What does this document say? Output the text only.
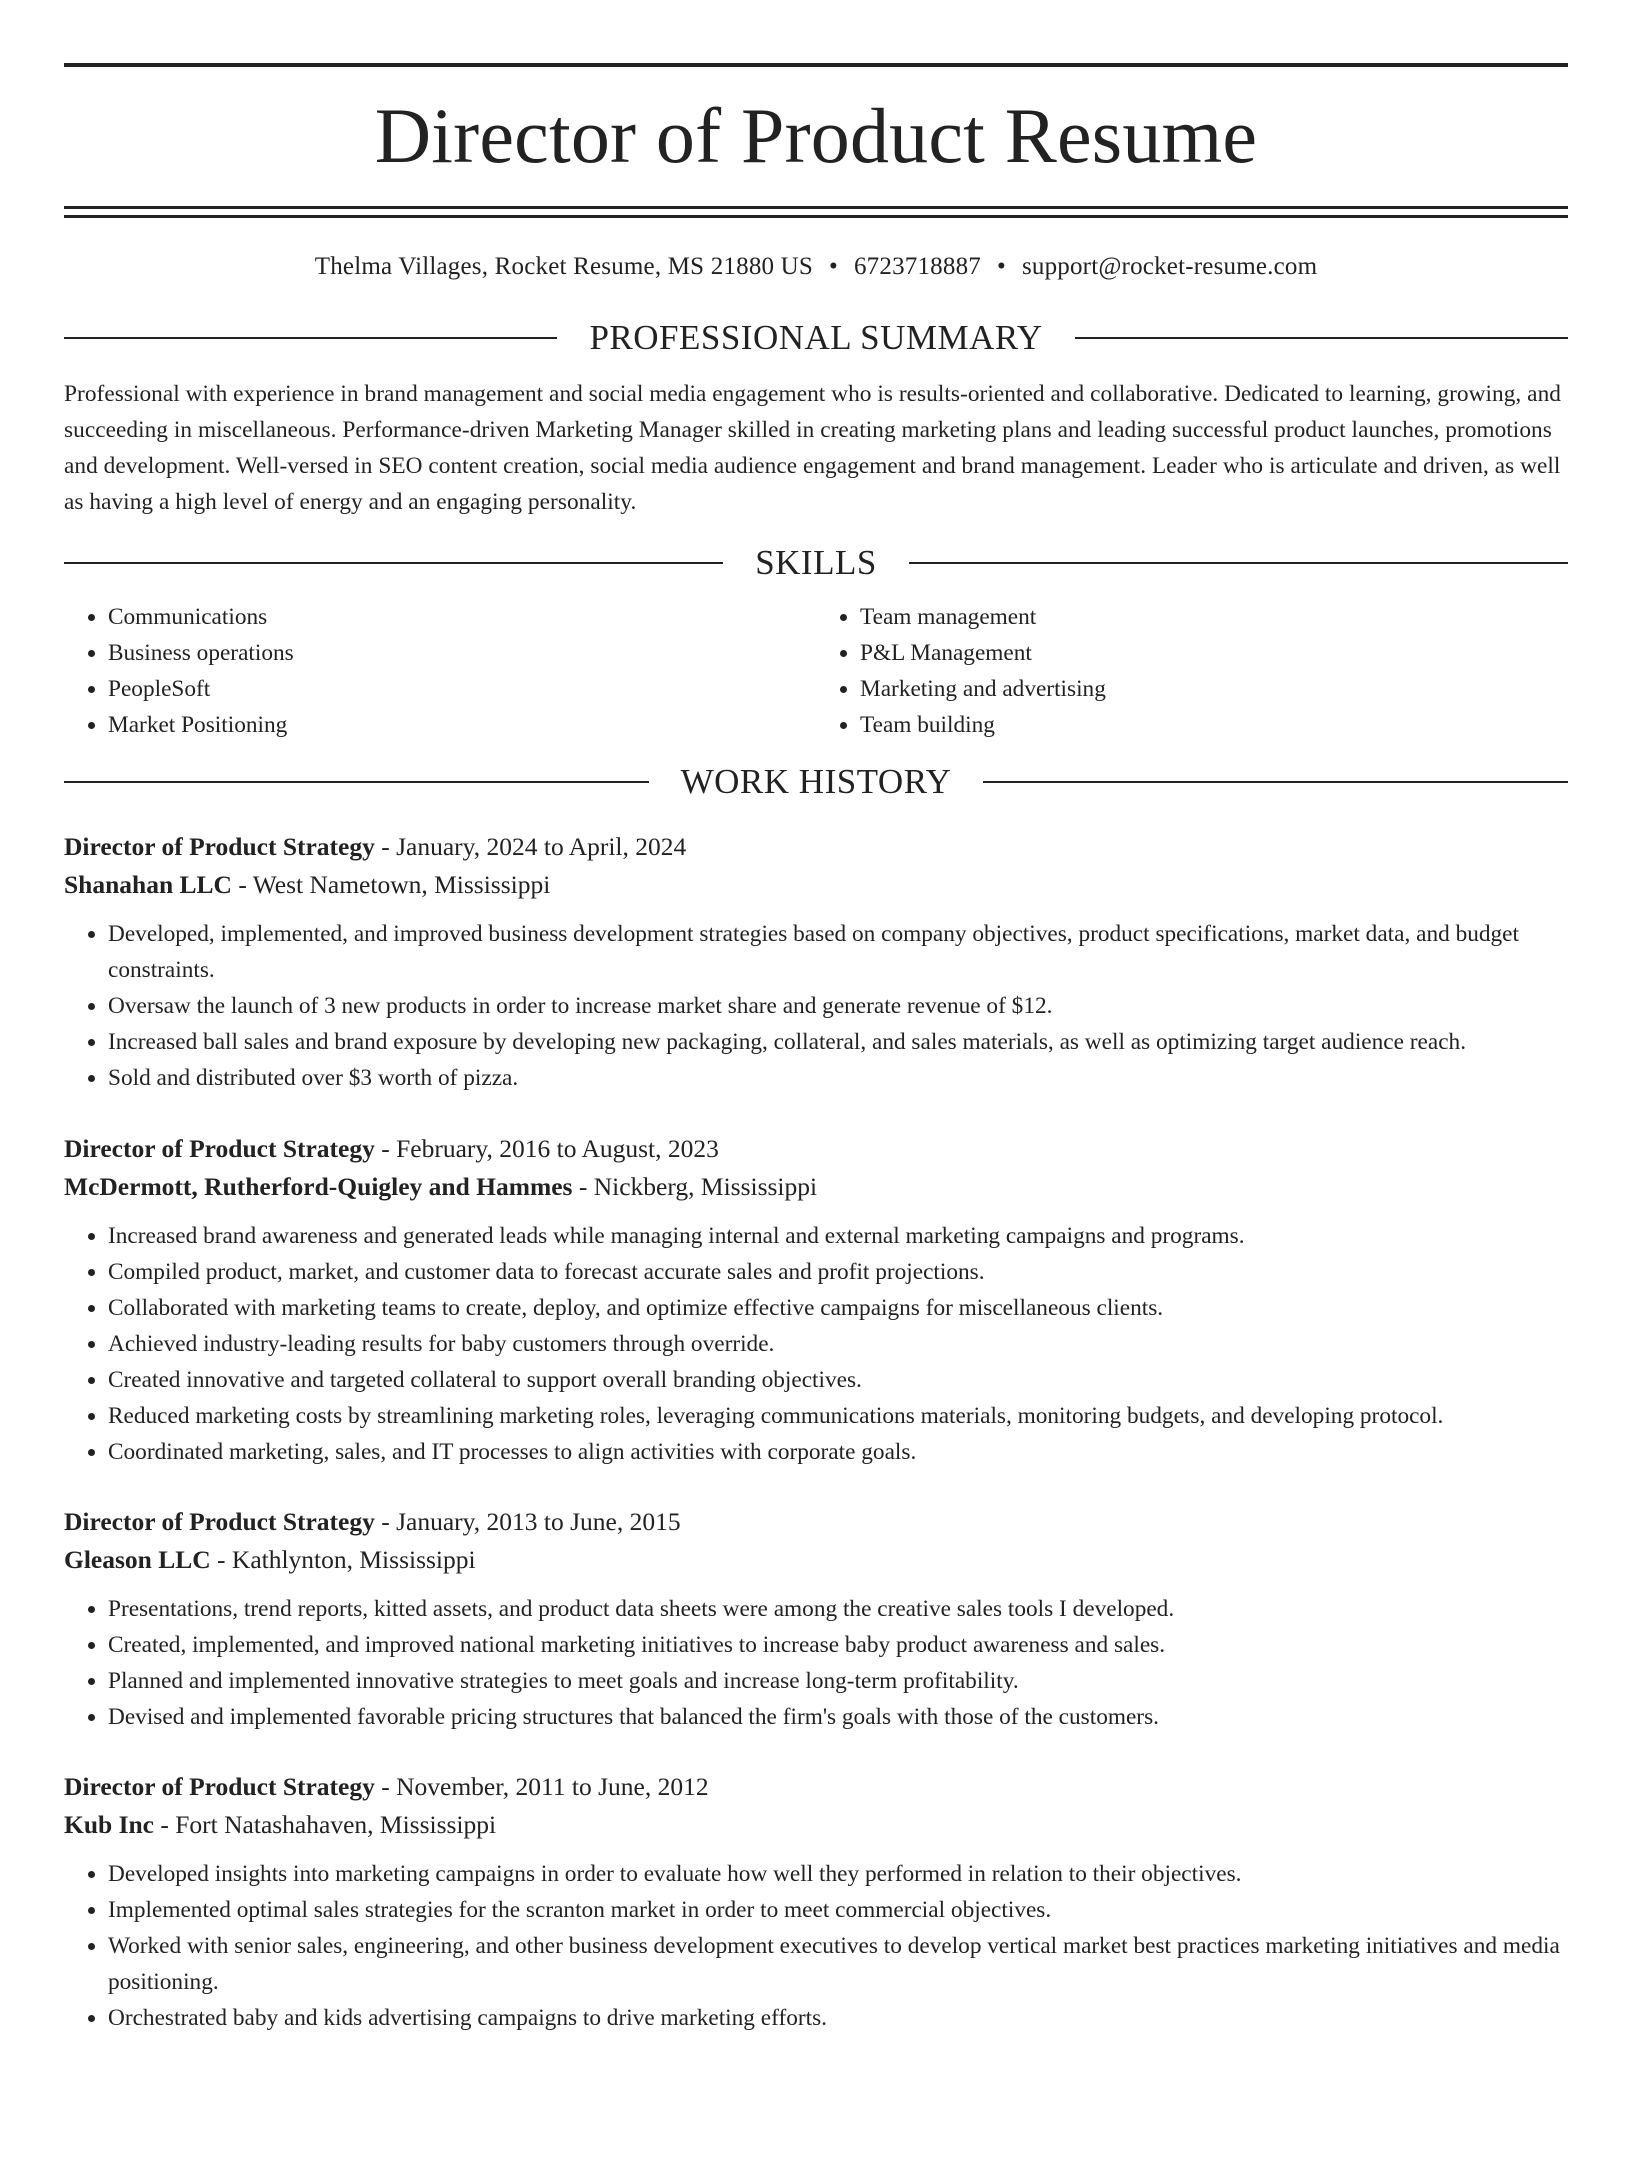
Director of Product Resume
Thelma Villages, Rocket Resume, MS 21880 US • 6723718887 • support@rocket-resume.com
PROFESSIONAL SUMMARY

Professional with experience in brand management and social media engagement who is results-oriented and collaborative. Dedicated to learning, growing, and succeeding in miscellaneous. Performance-driven Marketing Manager skilled in creating marketing plans and leading successful product launches, promotions and development. Well-versed in SEO content creation, social media audience engagement and brand management. Leader who is articulate and driven, as well as having a high level of energy and an engaging personality.

SKILLS
• Communications
• Business operations
• PeopleSoft
• Market Positioning
• Team management
• P&L Management
• Marketing and advertising
• Team building
WORK HISTORY
Director of Product Strategy - January, 2024 to April, 2024
Shanahan LLC - West Nametown, Mississippi
• Developed, implemented, and improved business development strategies based on company objectives, product specifications, market data, and budget constraints.
• Oversaw the launch of 3 new products in order to increase market share and generate revenue of $12.
• Increased ball sales and brand exposure by developing new packaging, collateral, and sales materials, as well as optimizing target audience reach.
• Sold and distributed over $3 worth of pizza.
Director of Product Strategy - February, 2016 to August, 2023
McDermott, Rutherford-Quigley and Hammes - Nickberg, Mississippi
• Increased brand awareness and generated leads while managing internal and external marketing campaigns and programs.
• Compiled product, market, and customer data to forecast accurate sales and profit projections.
• Collaborated with marketing teams to create, deploy, and optimize effective campaigns for miscellaneous clients.
• Achieved industry-leading results for baby customers through override.
• Created innovative and targeted collateral to support overall branding objectives.
• Reduced marketing costs by streamlining marketing roles, leveraging communications materials, monitoring budgets, and developing protocol.
• Coordinated marketing, sales, and IT processes to align activities with corporate goals.
Director of Product Strategy - January, 2013 to June, 2015
Gleason LLC - Kathlynton, Mississippi
• Presentations, trend reports, kitted assets, and product data sheets were among the creative sales tools I developed.
• Created, implemented, and improved national marketing initiatives to increase baby product awareness and sales.
• Planned and implemented innovative strategies to meet goals and increase long-term profitability.
• Devised and implemented favorable pricing structures that balanced the firm's goals with those of the customers.
Director of Product Strategy - November, 2011 to June, 2012
Kub Inc - Fort Natashahaven, Mississippi
• Developed insights into marketing campaigns in order to evaluate how well they performed in relation to their objectives.
• Implemented optimal sales strategies for the scranton market in order to meet commercial objectives.
• Worked with senior sales, engineering, and other business development executives to develop vertical market best practices marketing initiatives and media positioning.
• Orchestrated baby and kids advertising campaigns to drive marketing efforts.
